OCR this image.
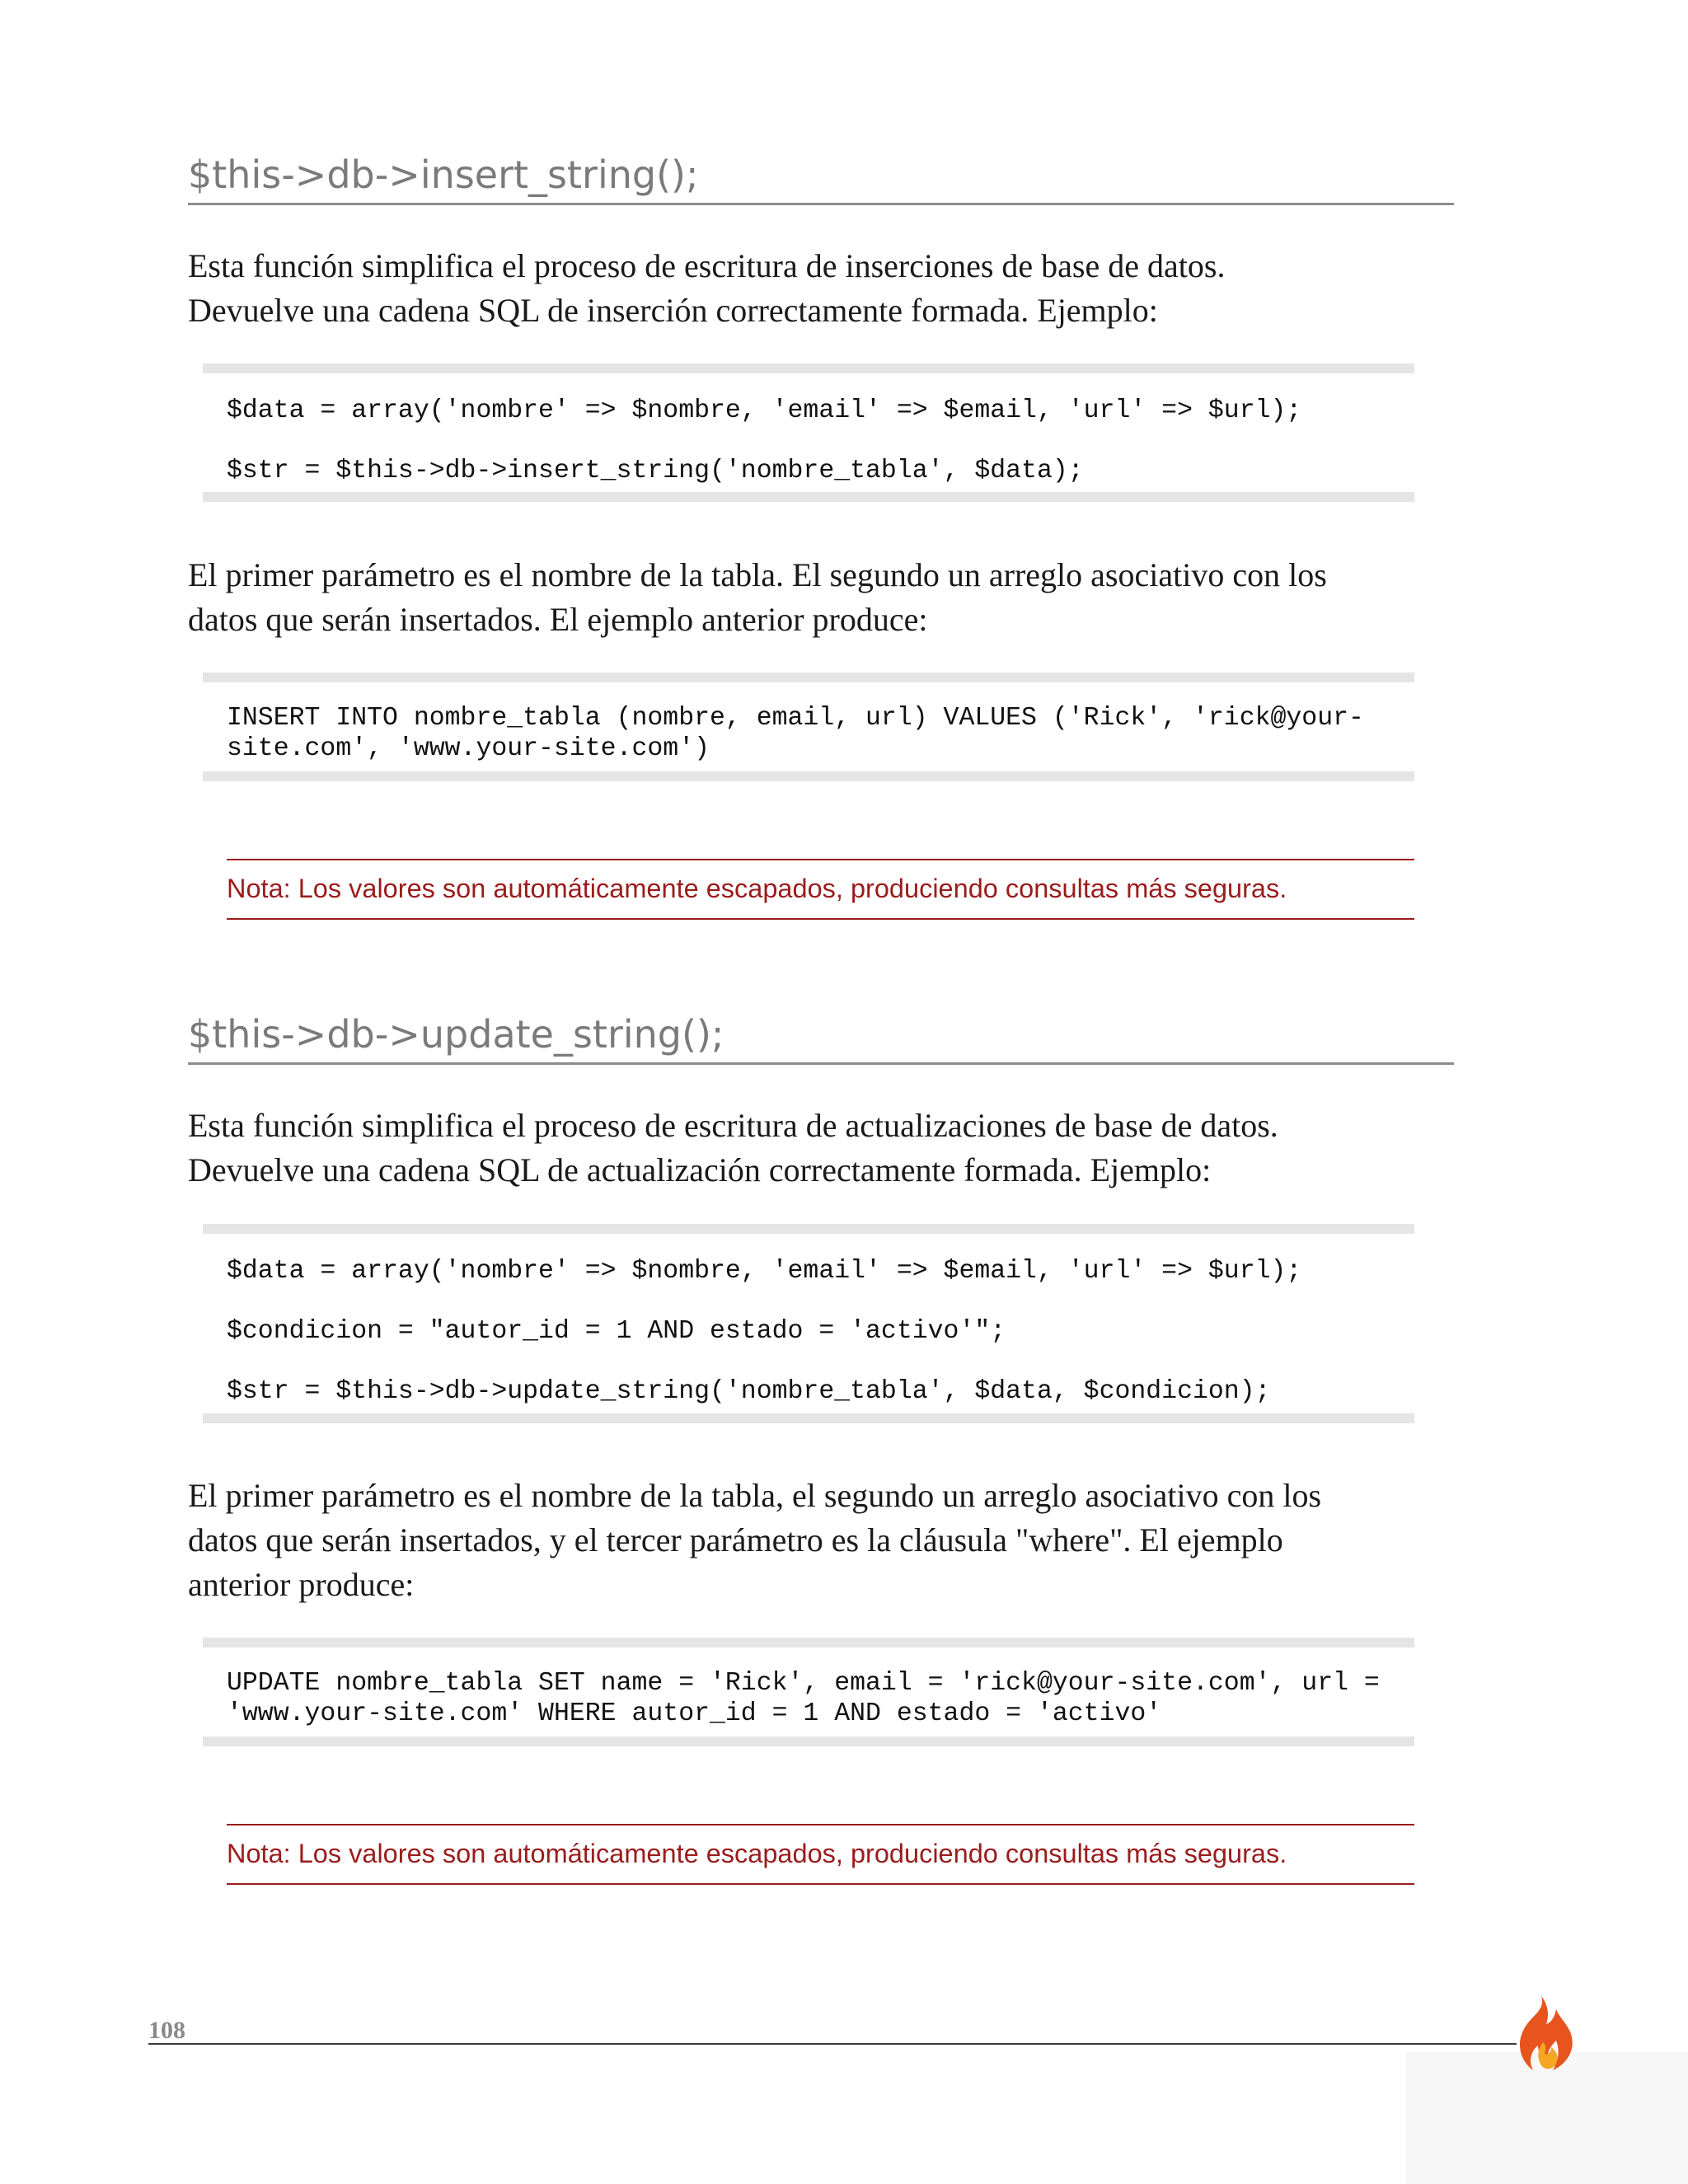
$this->db->insert_string();

Esta función simplifica el proceso de escritura de inserciones de base de datos.
Devuelve una cadena SQL de inserción correctamente formada. Ejemplo:

$data = array('nombre' => $nombre, 'email' => $email, 'url' => $url);
$str = $this->db->insert_string('nombre_tabla', $data);

El primer parámetro es el nombre de la tabla. El segundo un arreglo asociativo con los
datos que serán insertados. El ejemplo anterior produce:

INSERT INTO nombre_tabla (nombre, email, url) VALUES ('Rick', 'rick@your-
site.com', 'www.your-site.com')
Nota: Los valores son automáticamente escapados, produciendo consultas más seguras.
$this->db->update_string();

Esta función simplifica el proceso de escritura de actualizaciones de base de datos.
Devuelve una cadena SQL de actualización correctamente formada. Ejemplo:

$data = array('nombre' => $nombre, 'email' => $email, 'url' => $url);
$condicion = "autor_id = 1 AND estado = 'activo'";
$str = $this->db->update_string('nombre_tabla', $data, $condicion);

El primer parámetro es el nombre de la tabla, el segundo un arreglo asociativo con los
datos que serán insertados, y el tercer parámetro es la cláusula "where". El ejemplo
anterior produce:

UPDATE nombre_tabla SET name = 'Rick', email = 'rick@your-site.com', url =
'www.your-site.com' WHERE autor_id = 1 AND estado = 'activo'
Nota: Los valores son automáticamente escapados, produciendo consultas más seguras.
108
